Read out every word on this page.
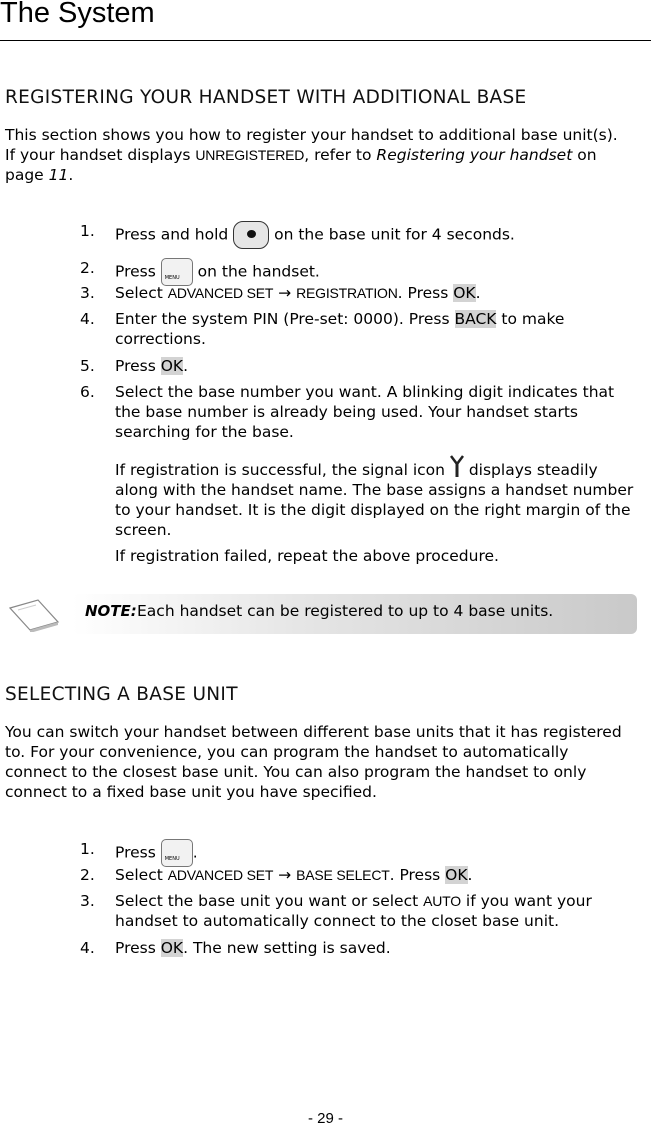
The System
REGISTERING YOUR HANDSET WITH ADDITIONAL BASE
This section shows you how to register your handset to additional base unit(s). If your handset displays UNREGISTERED, refer to Registering your handset on page 11.
1.	Press and hold
on the base unit for 4 seconds.
2.	Press MENU on the handset.
3.	Select ADVANCED SET → REGISTRATION. Press OK.
4.	Enter the system PIN (Pre-set: 0000). Press BACK to make corrections.
5.	Press OK.
6.	Select the base number you want. A blinking digit indicates that the base number is already being used. Your handset starts searching for the base.
If registration is successful, the signal icon  displays steadily along with the handset name. The base assigns a handset number to your handset. It is the digit displayed on the right margin of the screen.
If registration failed, repeat the above procedure.
NOTE: Each handset can be registered to up to 4 base units.
SELECTING A BASE UNIT
You can switch your handset between different base units that it has registered to. For your convenience, you can program the handset to automatically connect to the closest base unit. You can also program the handset to only connect to a fixed base unit you have specified.
1.	Press MENU .
2.	Select ADVANCED SET → BASE SELECT. Press OK.
3.	Select the base unit you want or select AUTO if you want your handset to automatically connect to the closet base unit.
4.	Press OK. The new setting is saved.
- 29 -
